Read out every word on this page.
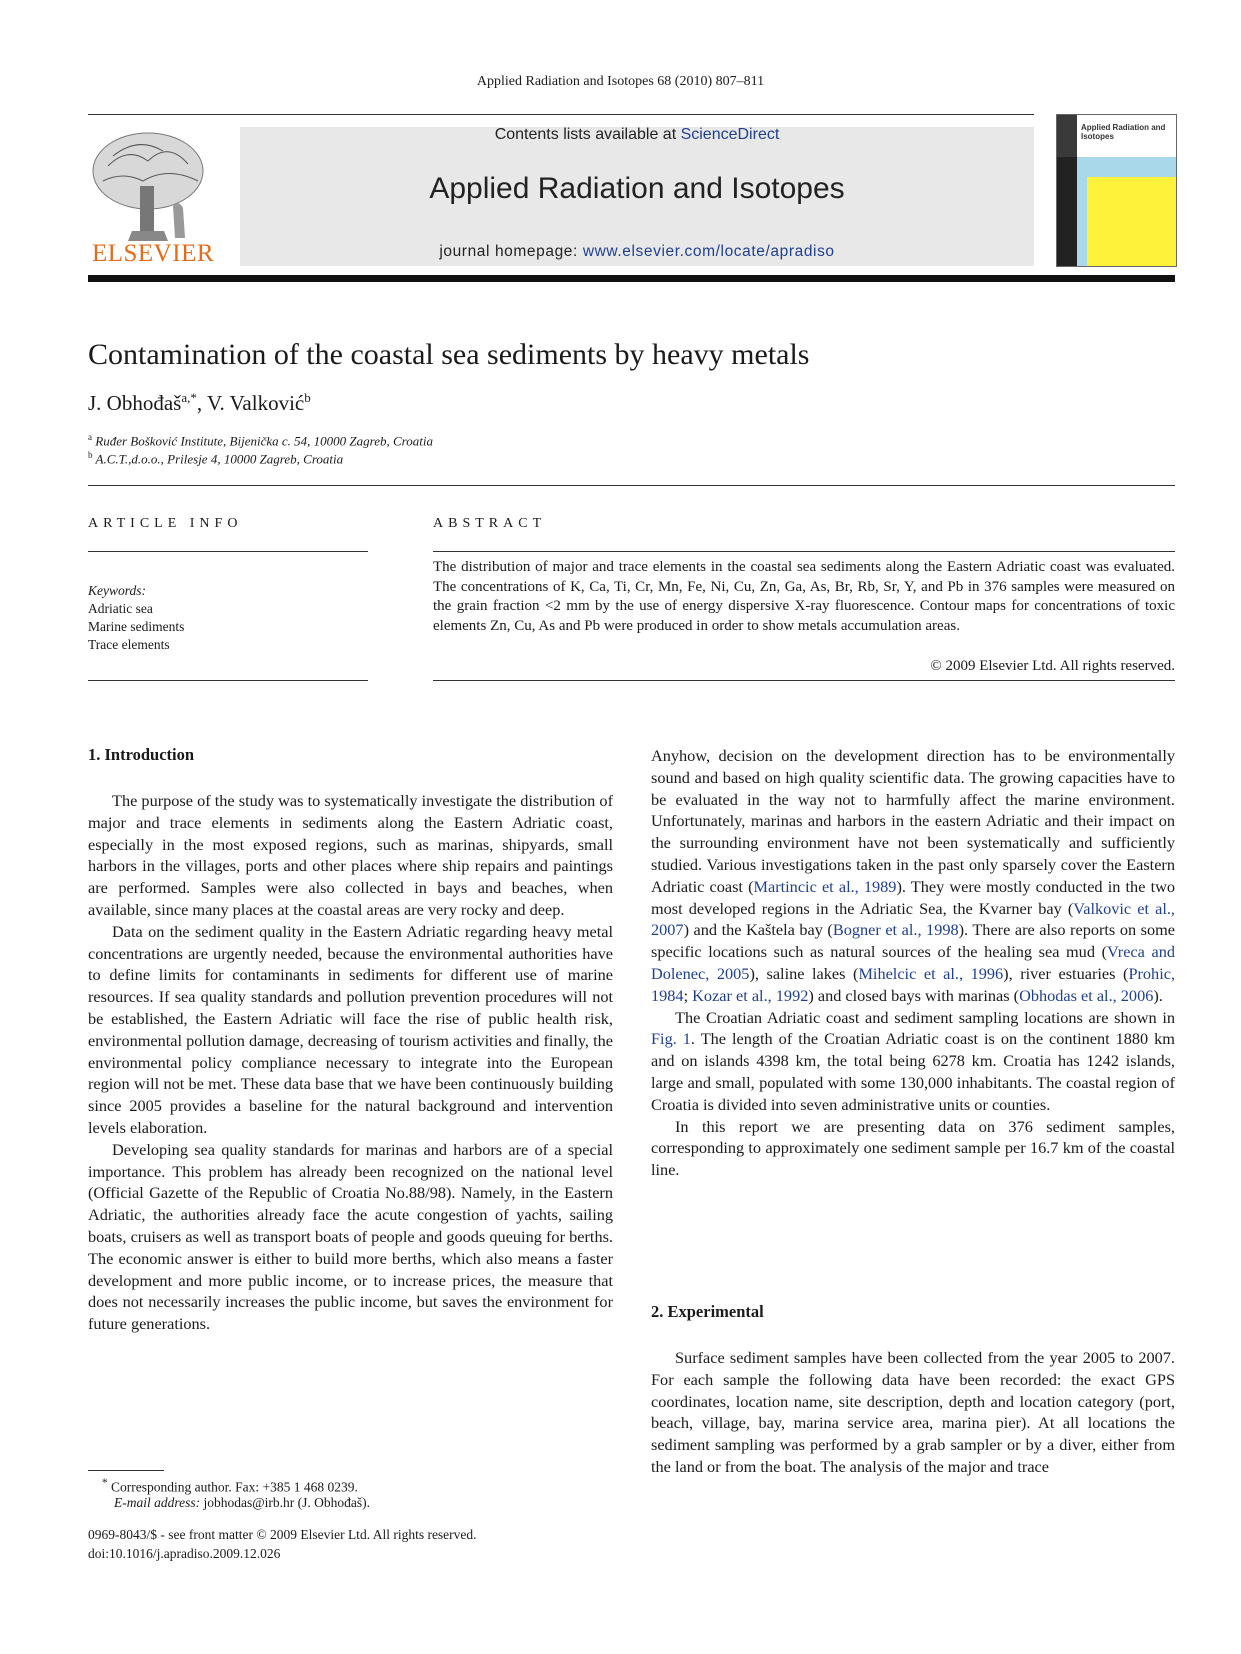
Applied Radiation and Isotopes 68 (2010) 807–811
ELSEVIER
Contents lists available at ScienceDirect
Applied Radiation and Isotopes
journal homepage: www.elsevier.com/locate/apradiso
Applied Radiation and Isotopes
Contamination of the coastal sea sediments by heavy metals
J. Obhođaš$^{a,*}$, V. Valković$^b$
$^a$ Ruđer Bošković Institute, Bijenička c. 54, 10000 Zagreb, Croatia
$^b$ A.C.T.,d.o.o., Prilesje 4, 10000 Zagreb, Croatia
ARTICLE INFO
Keywords:
Adriatic sea
Marine sediments
Trace elements
ABSTRACT
The distribution of major and trace elements in the coastal sea sediments along the Eastern Adriatic coast was evaluated. The concentrations of K, Ca, Ti, Cr, Mn, Fe, Ni, Cu, Zn, Ga, As, Br, Rb, Sr, Y, and Pb in 376 samples were measured on the grain fraction <2 mm by the use of energy dispersive X-ray fluorescence. Contour maps for concentrations of toxic elements Zn, Cu, As and Pb were produced in order to show metals accumulation areas.
© 2009 Elsevier Ltd. All rights reserved.
1. Introduction

The purpose of the study was to systematically investigate the distribution of major and trace elements in sediments along the Eastern Adriatic coast, especially in the most exposed regions, such as marinas, shipyards, small harbors in the villages, ports and other places where ship repairs and paintings are performed. Samples were also collected in bays and beaches, when available, since many places at the coastal areas are very rocky and deep.

Data on the sediment quality in the Eastern Adriatic regarding heavy metal concentrations are urgently needed, because the environmental authorities have to define limits for contaminants in sediments for different use of marine resources. If sea quality standards and pollution prevention procedures will not be established, the Eastern Adriatic will face the rise of public health risk, environmental pollution damage, decreasing of tourism activities and finally, the environmental policy compliance necessary to integrate into the European region will not be met. These data base that we have been continuously building since 2005 provides a baseline for the natural background and intervention levels elaboration.

Developing sea quality standards for marinas and harbors are of a special importance. This problem has already been recognized on the national level (Official Gazette of the Republic of Croatia No.88/98). Namely, in the Eastern Adriatic, the authorities already face the acute congestion of yachts, sailing boats, cruisers as well as transport boats of people and goods queuing for berths. The economic answer is either to build more berths, which also means a faster development and more public income, or to increase prices, the measure that does not necessarily increases the public income, but saves the environment for future generations.

Anyhow, decision on the development direction has to be environmentally sound and based on high quality scientific data. The growing capacities have to be evaluated in the way not to harmfully affect the marine environment. Unfortunately, marinas and harbors in the eastern Adriatic and their impact on the surrounding environment have not been systematically and sufficiently studied. Various investigations taken in the past only sparsely cover the Eastern Adriatic coast (Martincic et al., 1989). They were mostly conducted in the two most developed regions in the Adriatic Sea, the Kvarner bay (Valkovic et al., 2007) and the Kaštela bay (Bogner et al., 1998). There are also reports on some specific locations such as natural sources of the healing sea mud (Vreca and Dolenec, 2005), saline lakes (Mihelcic et al., 1996), river estuaries (Prohic, 1984; Kozar et al., 1992) and closed bays with marinas (Obhodas et al., 2006).

The Croatian Adriatic coast and sediment sampling locations are shown in Fig. 1. The length of the Croatian Adriatic coast is on the continent 1880 km and on islands 4398 km, the total being 6278 km. Croatia has 1242 islands, large and small, populated with some 130,000 inhabitants. The coastal region of Croatia is divided into seven administrative units or counties.

In this report we are presenting data on 376 sediment samples, corresponding to approximately one sediment sample per 16.7 km of the coastal line.

2. Experimental

Surface sediment samples have been collected from the year 2005 to 2007. For each sample the following data have been recorded: the exact GPS coordinates, location name, site description, depth and location category (port, beach, village, bay, marina service area, marina pier). At all locations the sediment sampling was performed by a grab sampler or by a diver, either from the land or from the boat. The analysis of the major and trace

* Corresponding author. Fax: +385 1 468 0239.
E-mail address: jobhodas@irb.hr (J. Obhođaš).
0969-8043/$ - see front matter © 2009 Elsevier Ltd. All rights reserved.
doi:10.1016/j.apradiso.2009.12.026
